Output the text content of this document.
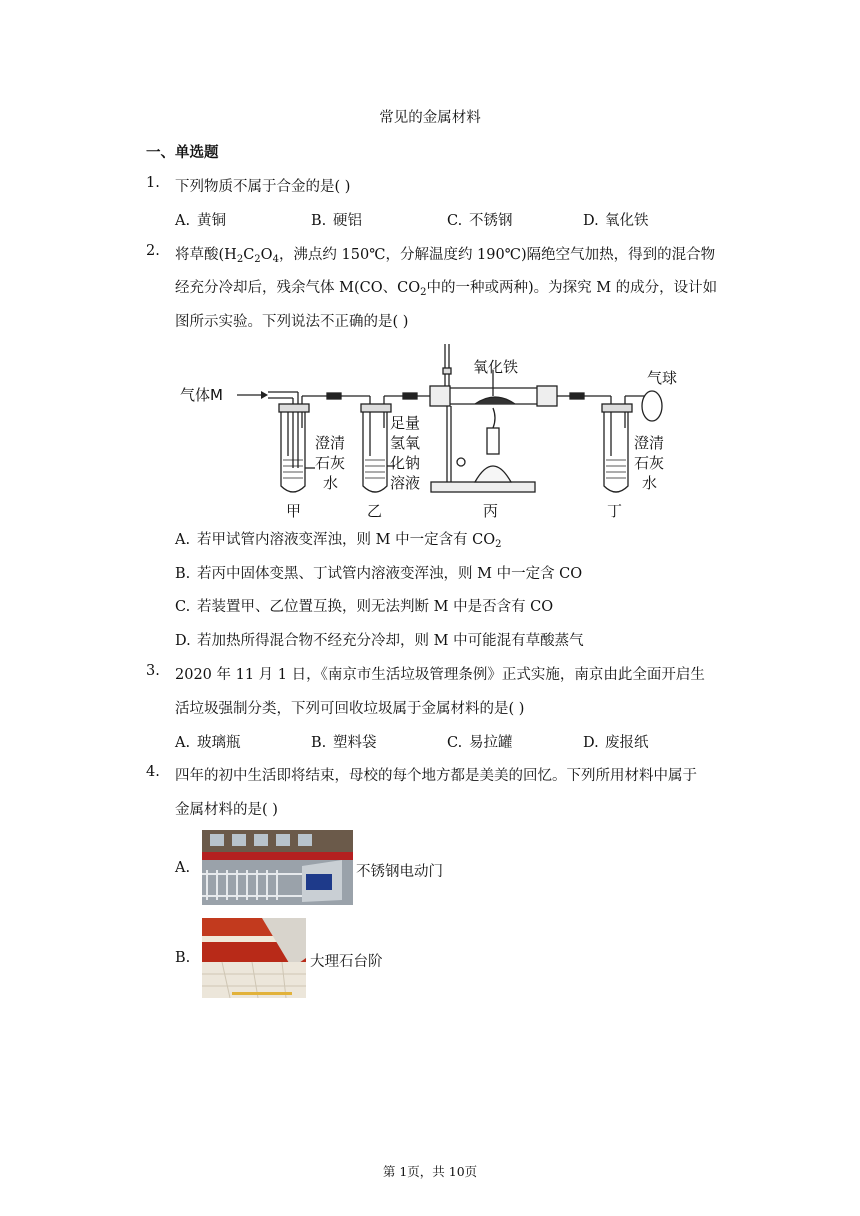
常见的金属材料
一、单选题
1. 下列物质不属于合金的是( )
A. 黄铜	B. 硬铝	C. 不锈钢	D. 氧化铁
2. 将草酸($H_2C_2O_4$，沸点约 150℃，分解温度约 190℃)隔绝空气加热，得到的混合物
经充分冷却后，残余气体 M(CO、$CO_2$中的一种或两种)。为探究 M 的成分，设计如
图所示实验。下列说法不正确的是( )
气体M
氧化铁
气球
澄清
石灰
水
足量
氢氧
化钠
溶液
澄清
石灰
水
甲	乙	丙	丁
A. 若甲试管内溶液变浑浊，则 M 中一定含有 $CO_2$
B. 若丙中固体变黑、丁试管内溶液变浑浊，则 M 中一定含 CO
C. 若装置甲、乙位置互换，则无法判断 M 中是否含有 CO
D. 若加热所得混合物不经充分冷却，则 M 中可能混有草酸蒸气
3. 2020 年 11 月 1 日，《南京市生活垃圾管理条例》正式实施，南京由此全面开启生
活垃圾强制分类，下列可回收垃圾属于金属材料的是( )
A. 玻璃瓶	B. 塑料袋	C. 易拉罐	D. 废报纸
4. 四年的初中生活即将结束，母校的每个地方都是美美的回忆。下列所用材料中属于
金属材料的是( )
A.	不锈钢电动门
B.	大理石台阶
第 1页，共 10页
